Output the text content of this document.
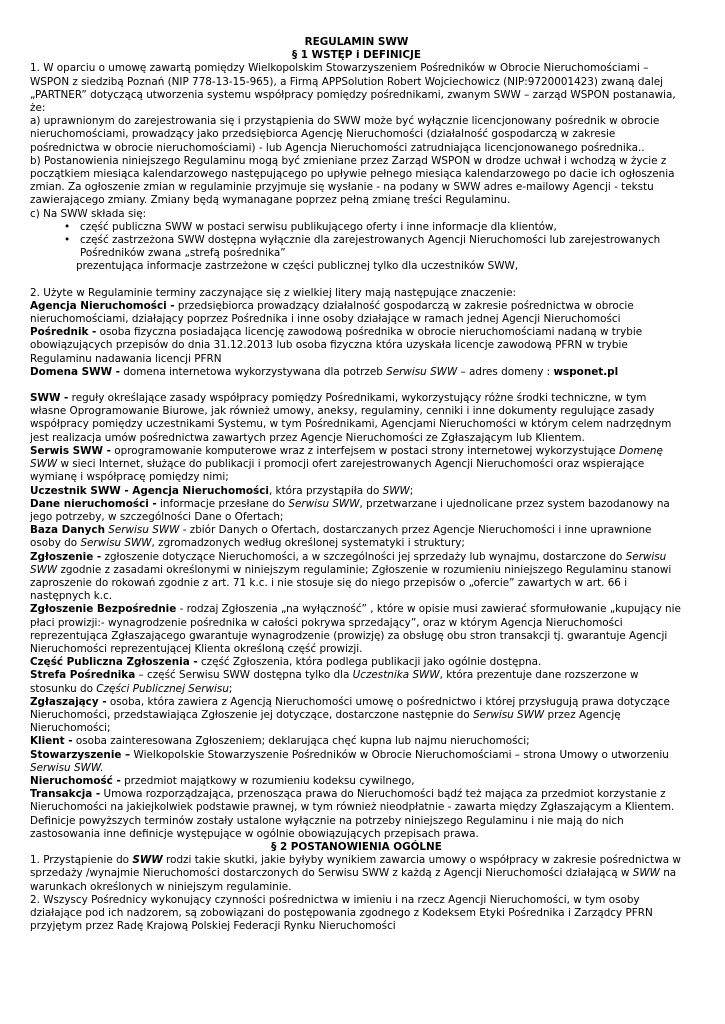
REGULAMIN SWW

§ 1 WSTĘP i DEFINICJE

1. W oparciu o umowę zawartą pomiędzy Wielkopolskim Stowarzyszeniem Pośredników w Obrocie Nieruchomościami – WSPON z siedzibą Poznań (NIP 778-13-15-965), a Firmą APPSolution Robert Wojciechowicz (NIP:9720001423) zwaną dalej „PARTNER” dotyczącą utworzenia systemu współpracy pomiędzy pośrednikami, zwanym SWW – zarząd WSPON postanawia, że:

a) uprawnionym do zarejestrowania się i przystąpienia do SWW może być wyłącznie licencjonowany pośrednik w obrocie nieruchomościami, prowadzący jako przedsiębiorca Agencję Nieruchomości (działalność gospodarczą w zakresie pośrednictwa w obrocie nieruchomościami) - lub Agencja Nieruchomości zatrudniająca licencjonowanego pośrednika..

b) Postanowienia niniejszego Regulaminu mogą być zmieniane przez Zarząd WSPON w drodze uchwał i wchodzą w życie z początkiem miesiąca kalendarzowego następującego po upływie pełnego miesiąca kalendarzowego po dacie ich ogłoszenia zmian. Za ogłoszenie zmian w regulaminie przyjmuje się wysłanie - na podany w SWW adres e-mailowy Agencji - tekstu zawierającego zmiany. Zmiany będą wymanagane poprzez pełną zmianę treści Regulaminu.

c) Na SWW składa się:

• część publiczna SWW w postaci serwisu publikującego oferty i inne informacje dla klientów,
• część zastrzeżona SWW dostępna wyłącznie dla zarejestrowanych Agencji Nieruchomości lub zarejestrowanych Pośredników zwana „strefą pośrednika”

prezentująca informacje zastrzeżone w części publicznej tylko dla uczestników SWW,

2. Użyte w Regulaminie terminy zaczynające się z wielkiej litery mają następujące znaczenie:

Agencja Nieruchomości - przedsiębiorca prowadzący działalność gospodarczą w zakresie pośrednictwa w obrocie nieruchomościami, działający poprzez Pośrednika i inne osoby działające w ramach jednej Agencji Nieruchomości

Pośrednik - osoba fizyczna posiadająca licencję zawodową pośrednika w obrocie nieruchomościami nadaną w trybie obowiązujących przepisów do dnia 31.12.2013 lub osoba fizyczna która uzyskała licencje zawodową PFRN w trybie Regulaminu nadawania licencji PFRN

Domena SWW - domena internetowa wykorzystywana dla potrzeb Serwisu SWW – adres domeny : wsponet.pl

SWW - reguły określające zasady współpracy pomiędzy Pośrednikami, wykorzystujący różne środki techniczne, w tym własne Oprogramowanie Biurowe, jak również umowy, aneksy, regulaminy, cenniki i inne dokumenty regulujące zasady współpracy pomiędzy uczestnikami Systemu, w tym Pośrednikami, Agencjami Nieruchomości w którym celem nadrzędnym jest realizacja umów pośrednictwa zawartych przez Agencje Nieruchomości ze Zgłaszającym lub Klientem.

Serwis SWW - oprogramowanie komputerowe wraz z interfejsem w postaci strony internetowej wykorzystujące Domenę SWW w sieci Internet, służące do publikacji i promocji ofert zarejestrowanych Agencji Nieruchomości oraz wspierające wymianę i współpracę pomiędzy nimi;

Uczestnik SWW - Agencja Nieruchomości, która przystąpiła do SWW;

Dane nieruchomości - informacje przesłane do Serwisu SWW, przetwarzane i ujednolicane przez system bazodanowy na jego potrzeby, w szczególności Dane o Ofertach;

Baza Danych Serwisu SWW - zbiór Danych o Ofertach, dostarczanych przez Agencje Nieruchomości i inne uprawnione osoby do Serwisu SWW, zgromadzonych według określonej systematyki i struktury;

Zgłoszenie - zgłoszenie dotyczące Nieruchomości, a w szczególności jej sprzedaży lub wynajmu, dostarczone do Serwisu SWW zgodnie z zasadami określonymi w niniejszym regulaminie; Zgłoszenie w rozumieniu niniejszego Regulaminu stanowi zaproszenie do rokowań zgodnie z art. 71 k.c. i nie stosuje się do niego przepisów o „ofercie” zawartych w art. 66 i następnych k.c.

Zgłoszenie Bezpośrednie - rodzaj Zgłoszenia „na wyłączność” , które w opisie musi zawierać sformułowanie „kupujący nie płaci prowizji:- wynagrodzenie pośrednika w całości pokrywa sprzedający”, oraz w którym Agencja Nieruchomości reprezentująca Zgłaszającego gwarantuje wynagrodzenie (prowizję) za obsługę obu stron transakcji tj. gwarantuje Agencji Nieruchomości reprezentującej Klienta określoną część prowizji.

Część Publiczna Zgłoszenia - część Zgłoszenia, która podlega publikacji jako ogólnie dostępna.

Strefa Pośrednika – część Serwisu SWW dostępna tylko dla Uczestnika SWW, która prezentuje dane rozszerzone w stosunku do Części Publicznej Serwisu;

Zgłaszający - osoba, która zawiera z Agencją Nieruchomości umowę o pośrednictwo i której przysługują prawa dotyczące Nieruchomości, przedstawiająca Zgłoszenie jej dotyczące, dostarczone następnie do Serwisu SWW przez Agencję Nieruchomości;

Klient - osoba zainteresowana Zgłoszeniem; deklarująca chęć kupna lub najmu nieruchomości;

Stowarzyszenie – Wielkopolskie Stowarzyszenie Pośredników w Obrocie Nieruchomościami – strona Umowy o utworzeniu Serwisu SWW.

Nieruchomość - przedmiot majątkowy w rozumieniu kodeksu cywilnego,

Transakcja - Umowa rozporządzająca, przenosząca prawa do Nieruchomości bądź też mająca za przedmiot korzystanie z Nieruchomości na jakiejkolwiek podstawie prawnej, w tym również nieodpłatnie - zawarta między Zgłaszającym a Klientem.

Definicje powyższych terminów zostały ustalone wyłącznie na potrzeby niniejszego Regulaminu i nie mają do nich zastosowania inne definicje występujące w ogólnie obowiązujących przepisach prawa.

§ 2 POSTANOWIENIA OGÓLNE

1. Przystąpienie do SWW rodzi takie skutki, jakie byłyby wynikiem zawarcia umowy o współpracy w zakresie pośrednictwa w sprzedaży /wynajmie Nieruchomości dostarczonych do Serwisu SWW z każdą z Agencji Nieruchomości działającą w SWW na warunkach określonych w niniejszym regulaminie.

2. Wszyscy Pośrednicy wykonujący czynności pośrednictwa w imieniu i na rzecz Agencji Nieruchomości, w tym osoby działające pod ich nadzorem, są zobowiązani do postępowania zgodnego z Kodeksem Etyki Pośrednika i Zarządcy PFRN przyjętym przez Radę Krajową Polskiej Federacji Rynku Nieruchomości
